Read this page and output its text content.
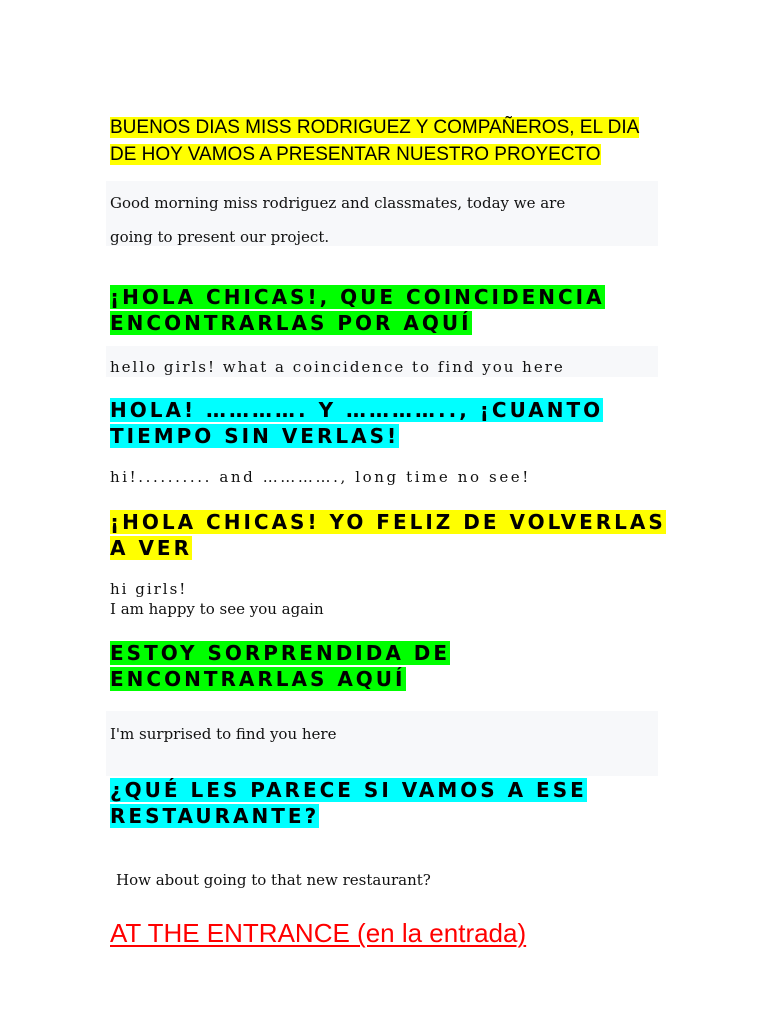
BUENOS DIAS MISS RODRIGUEZ Y COMPAÑEROS, EL DIA
DE HOY VAMOS A PRESENTAR NUESTRO PROYECTO

Good morning miss rodriguez and classmates, today we are

going to present our project.

¡HOLA CHICAS!, QUE COINCIDENCIA
ENCONTRARLAS POR AQUÍ

hello girls! what a coincidence to find you here

HOLA! …………. Y ………….., ¡CUANTO
TIEMPO SIN VERLAS!

hi!.......... and …………., long time no see!

¡HOLA CHICAS! YO FELIZ DE VOLVERLAS
A VER

hi girls!

I am happy to see you again

ESTOY SORPRENDIDA DE
ENCONTRARLAS AQUÍ

I'm surprised to find you here

¿QUÉ LES PARECE SI VAMOS A ESE
RESTAURANTE?

How about going to that new restaurant?

AT THE ENTRANCE (en la entrada)
